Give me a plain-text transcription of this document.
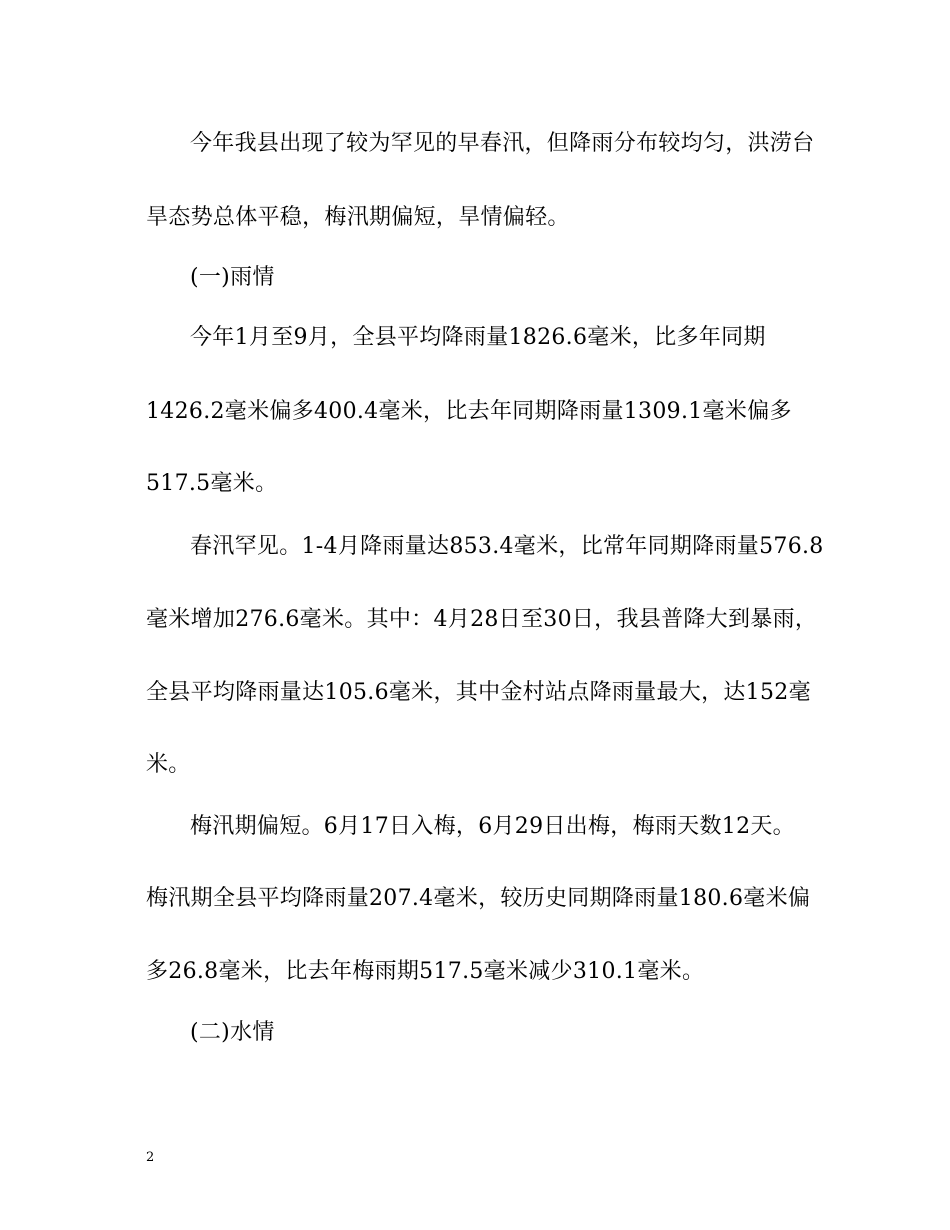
今年我县出现了较为罕见的早春汛，但降雨分布较均匀，洪涝台
旱态势总体平稳，梅汛期偏短，旱情偏轻。
(一)雨情
今年1月至9月，全县平均降雨量1826.6毫米，比多年同期
1426.2毫米偏多400.4毫米，比去年同期降雨量1309.1毫米偏多
517.5毫米。
春汛罕见。1-4月降雨量达853.4毫米，比常年同期降雨量576.8
毫米增加276.6毫米。其中：4月28日至30日，我县普降大到暴雨，
全县平均降雨量达105.6毫米，其中金村站点降雨量最大，达152毫
米。
梅汛期偏短。6月17日入梅，6月29日出梅，梅雨天数12天。
梅汛期全县平均降雨量207.4毫米，较历史同期降雨量180.6毫米偏
多26.8毫米，比去年梅雨期517.5毫米减少310.1毫米。
(二)水情
2
